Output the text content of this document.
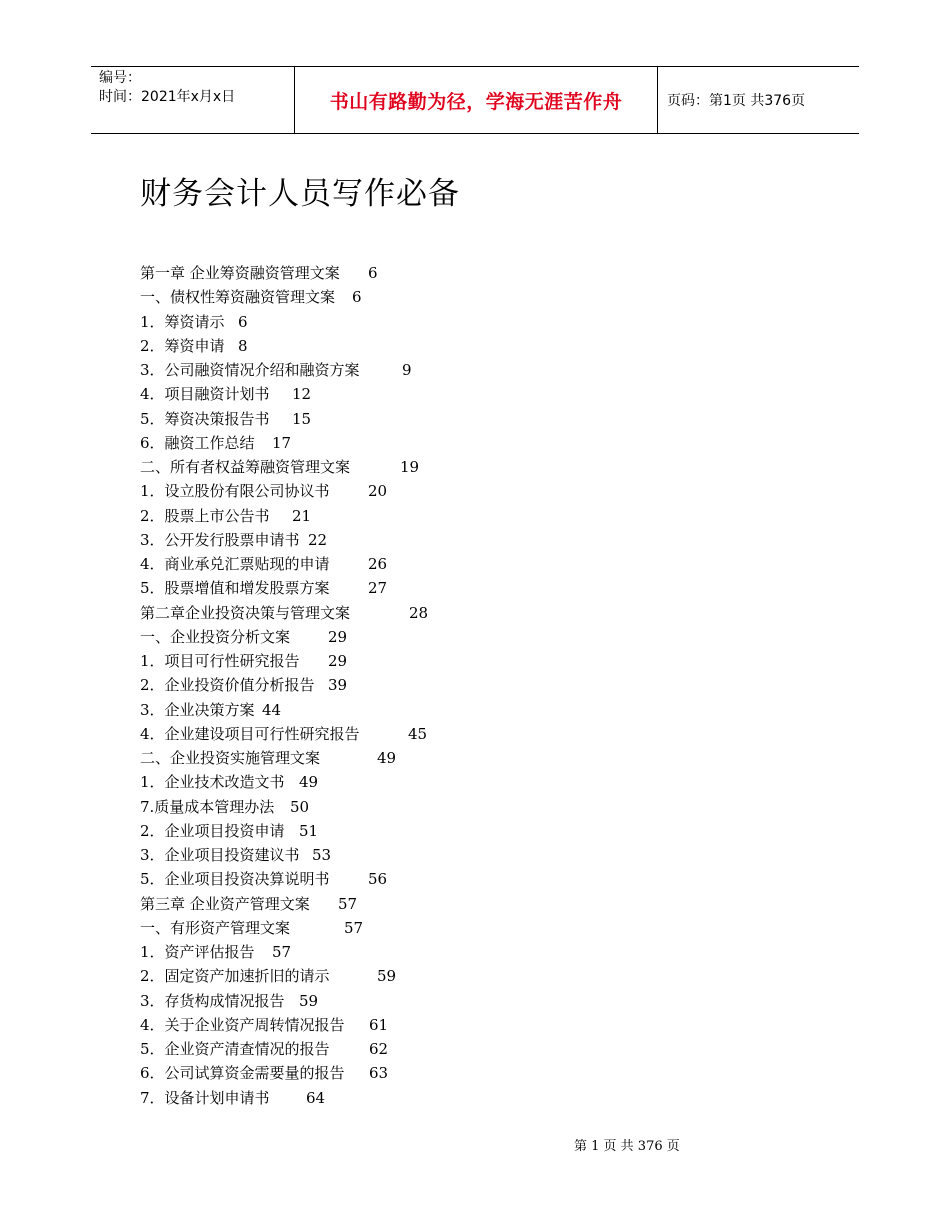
编号：
时间：2021年x月x日	书山有路勤为径，学海无涯苦作舟	页码：第1页 共376页
财务会计人员写作必备
第一章 企业筹资融资管理文案 6
一、债权性筹资融资管理文案 6
1．筹资请示 6
2．筹资申请 8
3．公司融资情况介绍和融资方案	9
4．项目融资计划书 12
5．筹资决策报告书 15
6．融资工作总结 17
二、所有者权益筹融资管理文案	19
1．设立股份有限公司协议书	20
2．股票上市公告书 21
3．公开发行股票申请书 22
4．商业承兑汇票贴现的申请	26
5．股票增值和增发股票方案	27
第二章企业投资决策与管理文案	28
一、企业投资分析文案	29
1．项目可行性研究报告 29
2．企业投资价值分析报告 39
3．企业决策方案 44
4．企业建设项目可行性研究报告	45
二、企业投资实施管理文案	49
1．企业技术改造文书 49
7.质量成本管理办法 50
2．企业项目投资申请 51
3．企业项目投资建议书 53
5．企业项目投资决算说明书	56
第三章 企业资产管理文案 57
一、有形资产管理文案	57
1．资产评估报告 57
2．固定资产加速折旧的请示	59
3．存货构成情况报告 59
4．关于企业资产周转情况报告 61
5．企业资产清查情况的报告	62
6．公司试算资金需要量的报告 63
7．设备计划申请书 64
第 1 页 共 376 页
